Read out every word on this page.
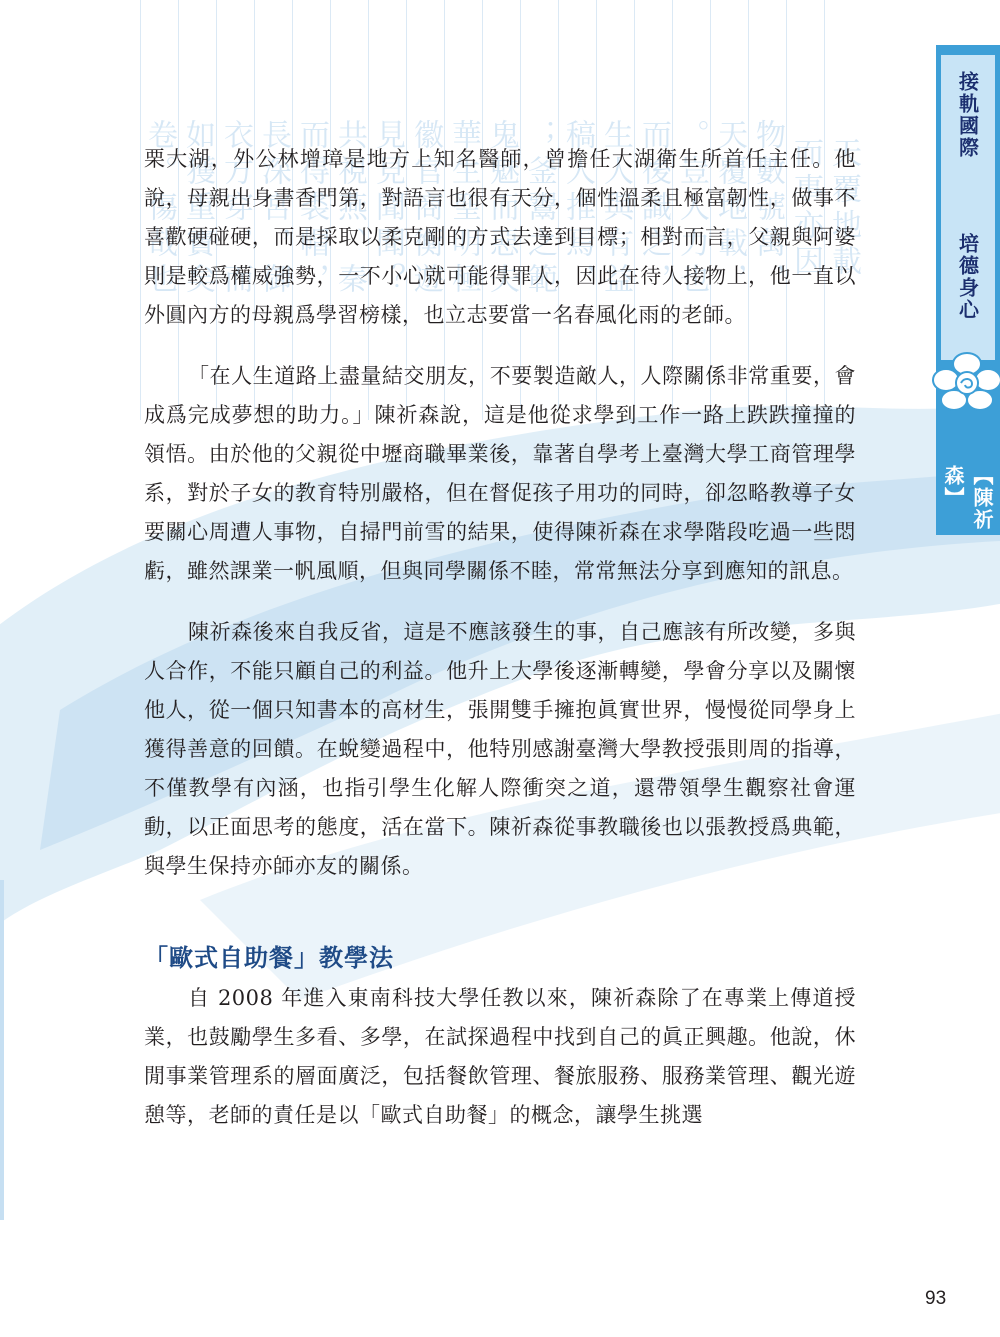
卷。傷哉也 如獲重寶矣 衣方穿，而 長深宮，御 而得裘帽， 共視燕、秦 見見聞聞？ 徽官商衡遊 華生聖明極 鬼魅而惡夫 ；釜鬻之範 稿人推焉， 生人與有益 而後識之， 。豈人力也 天覆地載， 物數號萬， 而事亦因 天覆地載
接軌國際
培德身心
【陳祈森】

栗大湖，外公林增璋是地方上知名醫師，曾擔任大湖衛生所首任主任。他說，母親出身書香門第，對語言也很有天分，個性溫柔且極富韌性，做事不喜歡硬碰硬，而是採取以柔克剛的方式去達到目標；相對而言，父親與阿婆則是較爲權威強勢，一不小心就可能得罪人，因此在待人接物上，他一直以外圓內方的母親爲學習榜樣，也立志要當一名春風化雨的老師。

「在人生道路上盡量結交朋友，不要製造敵人，人際關係非常重要，會成爲完成夢想的助力。」陳祈森說，這是他從求學到工作一路上跌跌撞撞的領悟。由於他的父親從中壢商職畢業後，靠著自學考上臺灣大學工商管理學系，對於子女的教育特別嚴格，但在督促孩子用功的同時，卻忽略教導子女要關心周遭人事物，自掃門前雪的結果，使得陳祈森在求學階段吃過一些悶虧，雖然課業一帆風順，但與同學關係不睦，常常無法分享到應知的訊息。

陳祈森後來自我反省，這是不應該發生的事，自己應該有所改變，多與人合作，不能只顧自己的利益。他升上大學後逐漸轉變，學會分享以及關懷他人，從一個只知書本的高材生，張開雙手擁抱眞實世界，慢慢從同學身上獲得善意的回饋。在蛻變過程中，他特別感謝臺灣大學教授張則周的指導，不僅教學有內涵，也指引學生化解人際衝突之道，還帶領學生觀察社會運動，以正面思考的態度，活在當下。陳祈森從事教職後也以張教授爲典範，與學生保持亦師亦友的關係。

「歐式自助餐」教學法

自 2008 年進入東南科技大學任教以來，陳祈森除了在專業上傳道授業，也鼓勵學生多看、多學，在試探過程中找到自己的眞正興趣。他說，休閒事業管理系的層面廣泛，包括餐飲管理、餐旅服務、服務業管理、觀光遊憩等，老師的責任是以「歐式自助餐」的概念，讓學生挑選

93
